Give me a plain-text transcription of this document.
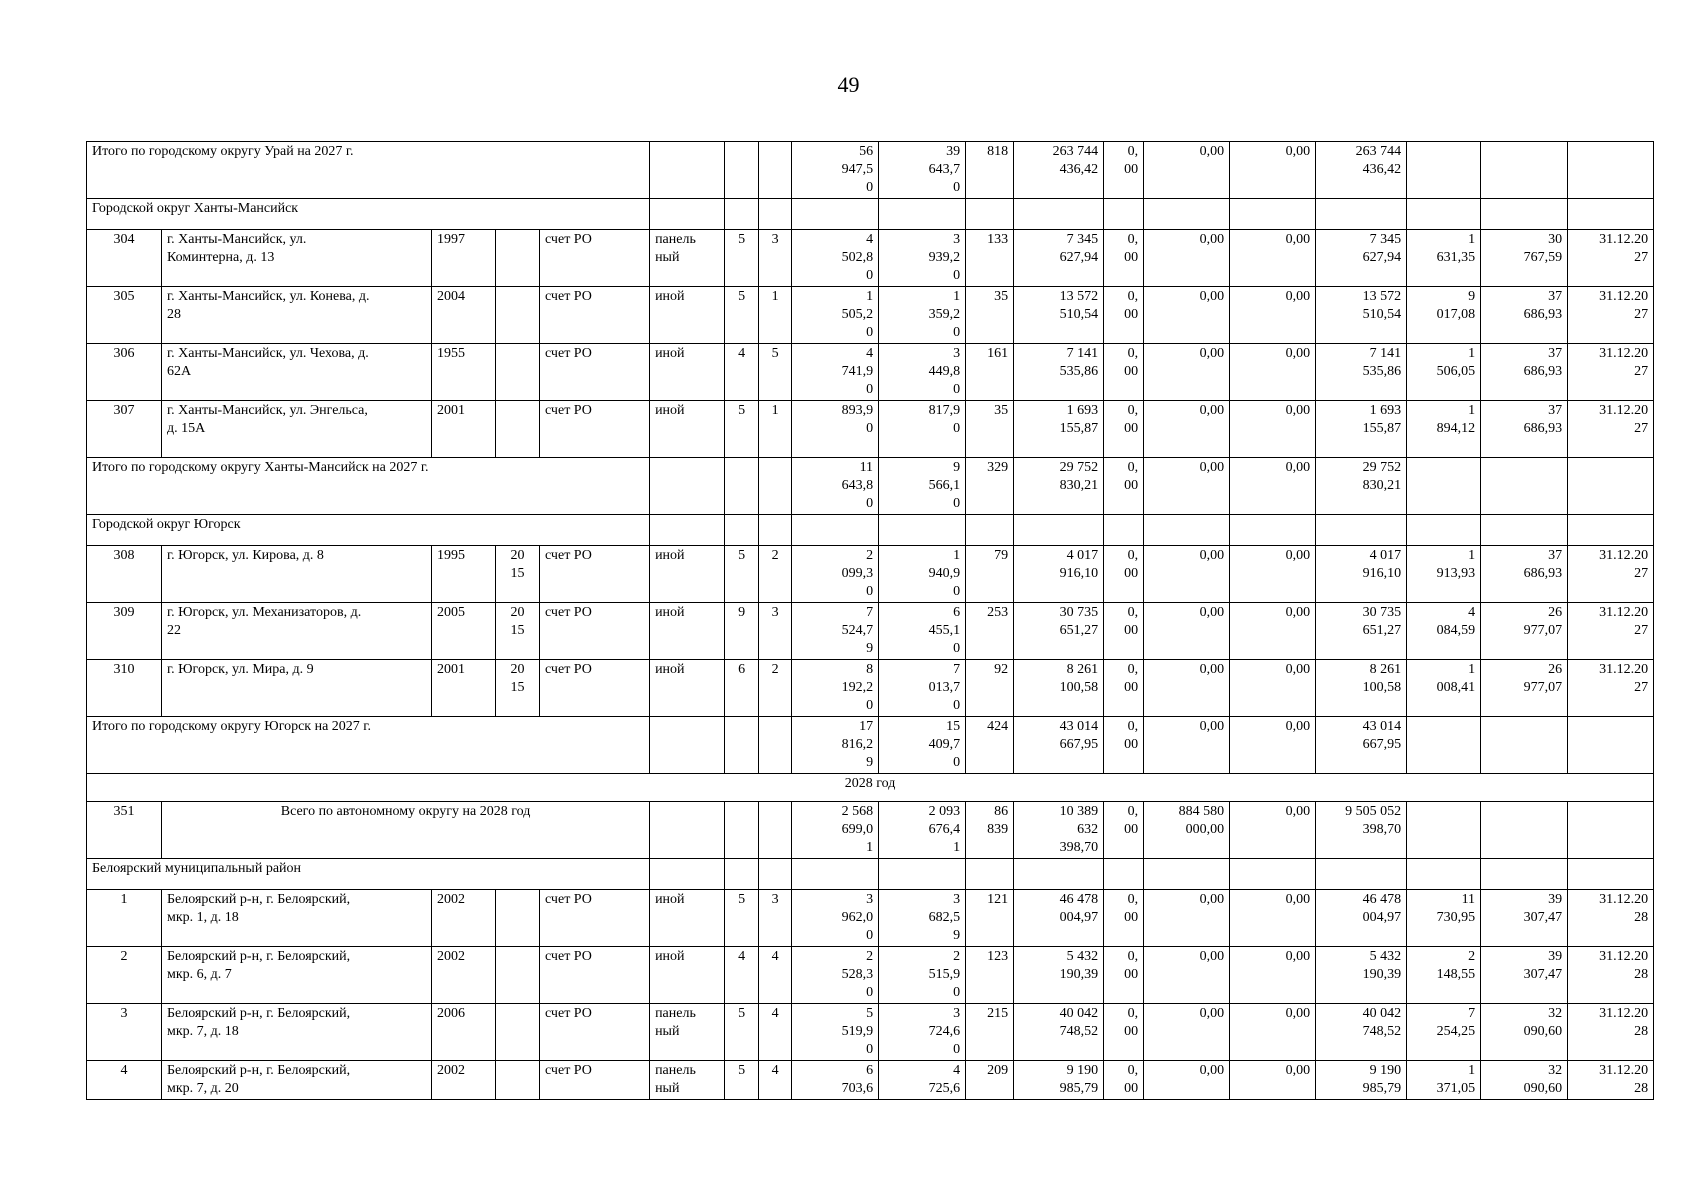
49
Итого по городскому округу Урай на 2027 г.								56
947,5
0	39
643,7
0	818	263 744
436,42	0,
00	0,00	0,00	263 744
436,42			
Городской округ Ханты-Мансийск																		
304	г. Ханты-Мансийск, ул.
Коминтерна, д. 13	1997		счет РО	панель
ный	5	3	4
502,8
0	3
939,2
0	133	7 345
627,94	0,
00	0,00	0,00	7 345
627,94	1
631,35	30
767,59	31.12.20
27
305	г. Ханты-Мансийск, ул. Конева, д.
28	2004		счет РО	иной	5	1	1
505,2
0	1
359,2
0	35	13 572
510,54	0,
00	0,00	0,00	13 572
510,54	9
017,08	37
686,93	31.12.20
27
306	г. Ханты-Мансийск, ул. Чехова, д.
62А	1955		счет РО	иной	4	5	4
741,9
0	3
449,8
0	161	7 141
535,86	0,
00	0,00	0,00	7 141
535,86	1
506,05	37
686,93	31.12.20
27
307	г. Ханты-Мансийск, ул. Энгельса,
д. 15А	2001		счет РО	иной	5	1	893,9
0	817,9
0	35	1 693
155,87	0,
00	0,00	0,00	1 693
155,87	1
894,12	37
686,93	31.12.20
27
Итого по городскому округу Ханты-Мансийск на 2027 г.								11
643,8
0	9
566,1
0	329	29 752
830,21	0,
00	0,00	0,00	29 752
830,21			
Городской округ Югорск																		
308	г. Югорск, ул. Кирова, д. 8	1995	20
15	счет РО	иной	5	2	2
099,3
0	1
940,9
0	79	4 017
916,10	0,
00	0,00	0,00	4 017
916,10	1
913,93	37
686,93	31.12.20
27
309	г. Югорск, ул. Механизаторов, д.
22	2005	20
15	счет РО	иной	9	3	7
524,7
9	6
455,1
0	253	30 735
651,27	0,
00	0,00	0,00	30 735
651,27	4
084,59	26
977,07	31.12.20
27
310	г. Югорск, ул. Мира, д. 9	2001	20
15	счет РО	иной	6	2	8
192,2
0	7
013,7
0	92	8 261
100,58	0,
00	0,00	0,00	8 261
100,58	1
008,41	26
977,07	31.12.20
27
Итого по городскому округу Югорск на 2027 г.								17
816,2
9	15
409,7
0	424	43 014
667,95	0,
00	0,00	0,00	43 014
667,95			
2028 год																		
351	Всего по автономному округу на 2028 год							2 568
699,0
1	2 093
676,4
1	86
839	10 389
632
398,70	0,
00	884 580
000,00	0,00	9 505 052
398,70			
Белоярский муниципальный район																		
1	Белоярский р-н, г. Белоярский,
мкр. 1, д. 18	2002		счет РО	иной	5	3	3
962,0
0	3
682,5
9	121	46 478
004,97	0,
00	0,00	0,00	46 478
004,97	11
730,95	39
307,47	31.12.20
28
2	Белоярский р-н, г. Белоярский,
мкр. 6, д. 7	2002		счет РО	иной	4	4	2
528,3
0	2
515,9
0	123	5 432
190,39	0,
00	0,00	0,00	5 432
190,39	2
148,55	39
307,47	31.12.20
28
3	Белоярский р-н, г. Белоярский,
мкр. 7, д. 18	2006		счет РО	панель
ный	5	4	5
519,9
0	3
724,6
0	215	40 042
748,52	0,
00	0,00	0,00	40 042
748,52	7
254,25	32
090,60	31.12.20
28
4	Белоярский р-н, г. Белоярский,
мкр. 7, д. 20	2002		счет РО	панель
ный	5	4	6
703,6	4
725,6	209	9 190
985,79	0,
00	0,00	0,00	9 190
985,79	1
371,05	32
090,60	31.12.20
28
